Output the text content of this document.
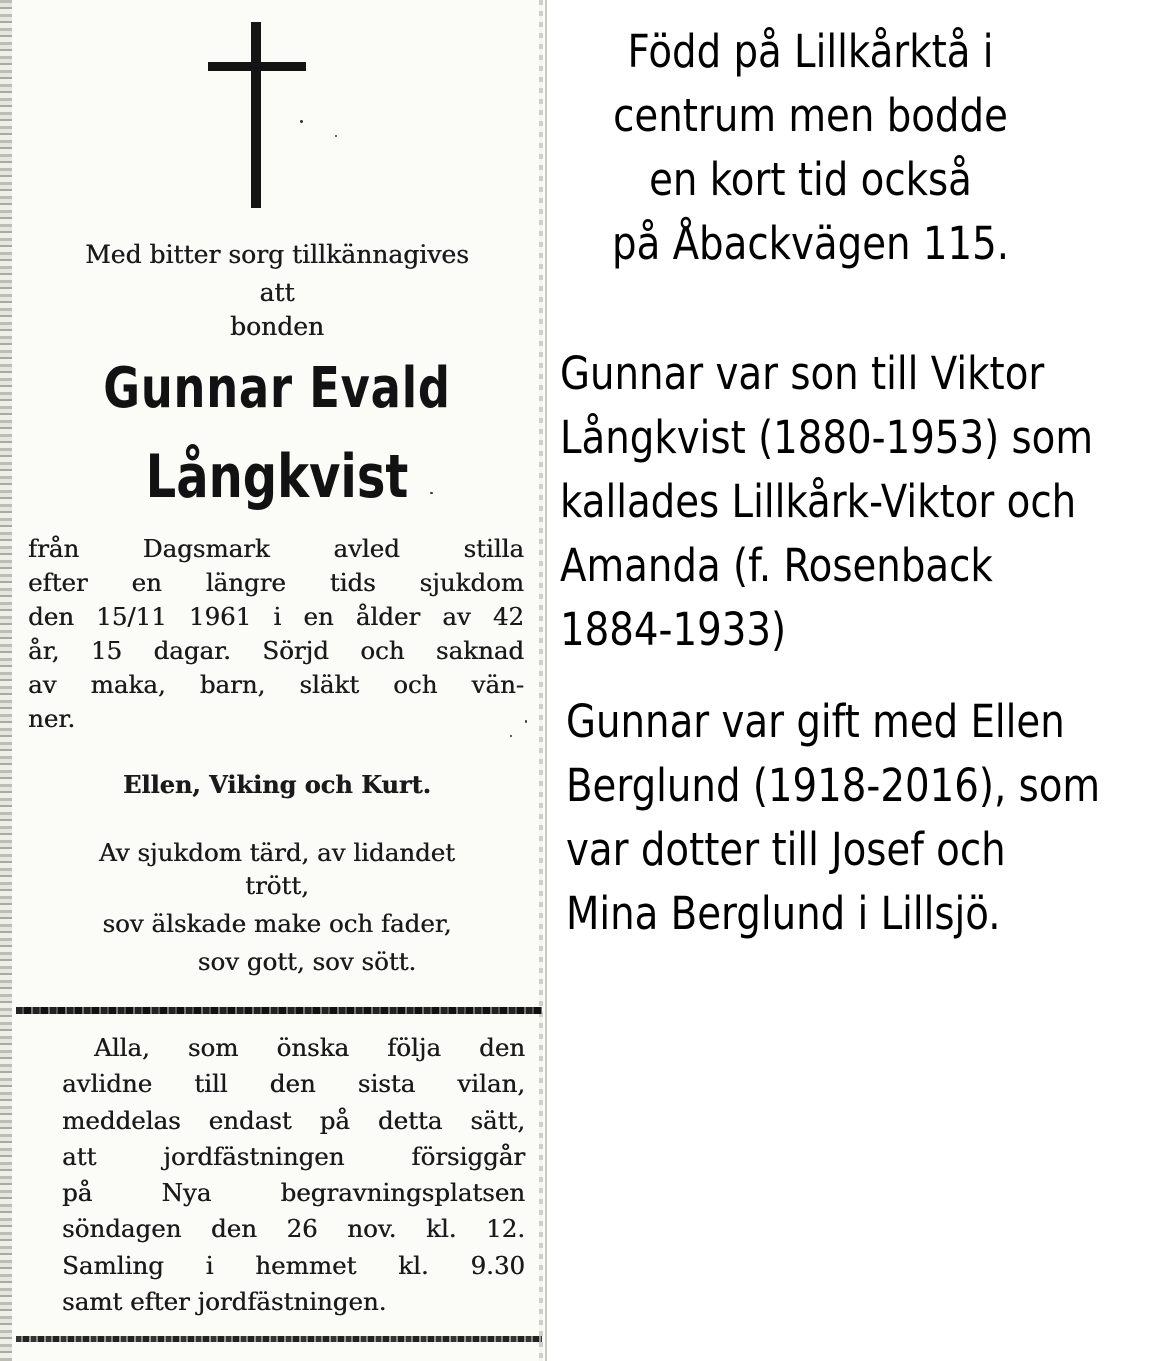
Med bitter sorg tillkännagives

att

bonden

Gunnar Evald

Långkvist

från Dagsmark avled stilla
efter en längre tids sjukdom
den 15/11 1961 i en ålder av 42
år, 15 dagar. Sörjd och saknad
av maka, barn, släkt och vän-
ner.

Ellen, Viking och Kurt.

Av sjukdom tärd, av lidandet

trött,

sov älskade make och fader,

sov gott, sov sött.

Alla, som önska följa den
avlidne till den sista vilan,
meddelas endast på detta sätt,
att jordfästningen försiggår
på Nya begravningsplatsen
söndagen den 26 nov. kl. 12.
Samling i hemmet kl. 9.30
samt efter jordfästningen.
Född på Lillkårktå i
centrum men bodde
en kort tid också
på Åbackvägen 115.
Gunnar var son till Viktor
Långkvist (1880-1953) som
kallades Lillkårk-Viktor och
Amanda (f. Rosenback
1884-1933)
Gunnar var gift med Ellen
Berglund (1918-2016), som
var dotter till Josef och
Mina Berglund i Lillsjö.
